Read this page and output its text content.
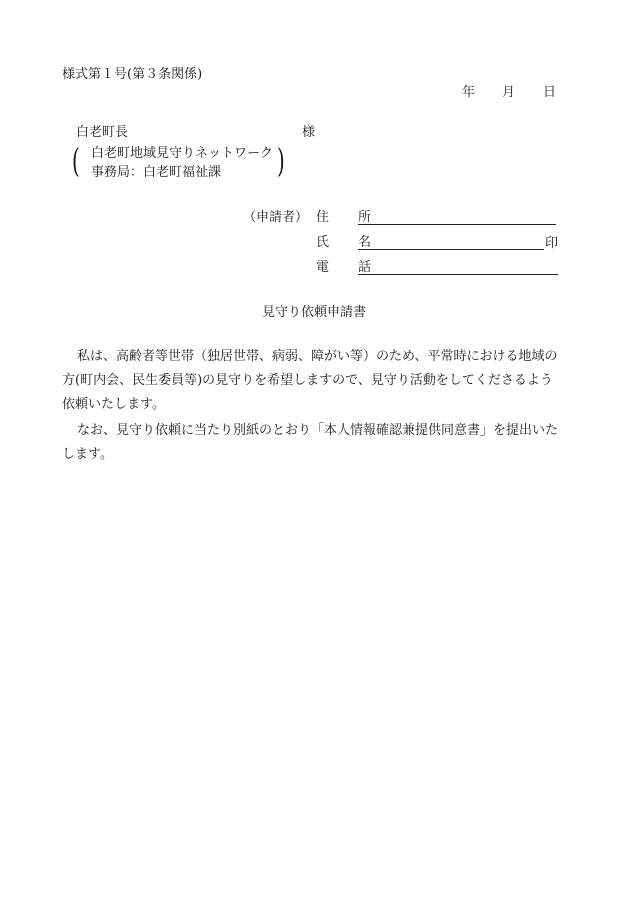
様式第１号(第３条関係)
年 月 日
白老町長	様
( 白老町地域見守りネットワーク
事務局：白老町福祉課 )
（申請者） 住　所
氏　名	印
電　話
見守り依頼申請書
私は、高齢者等世帯（独居世帯、病弱、障がい等）のため、平常時における地域の
方(町内会、民生委員等)の見守りを希望しますので、見守り活動をしてくださるよう
依頼いたします。
なお、見守り依頼に当たり別紙のとおり「本人情報確認兼提供同意書」を提出いた
します。
